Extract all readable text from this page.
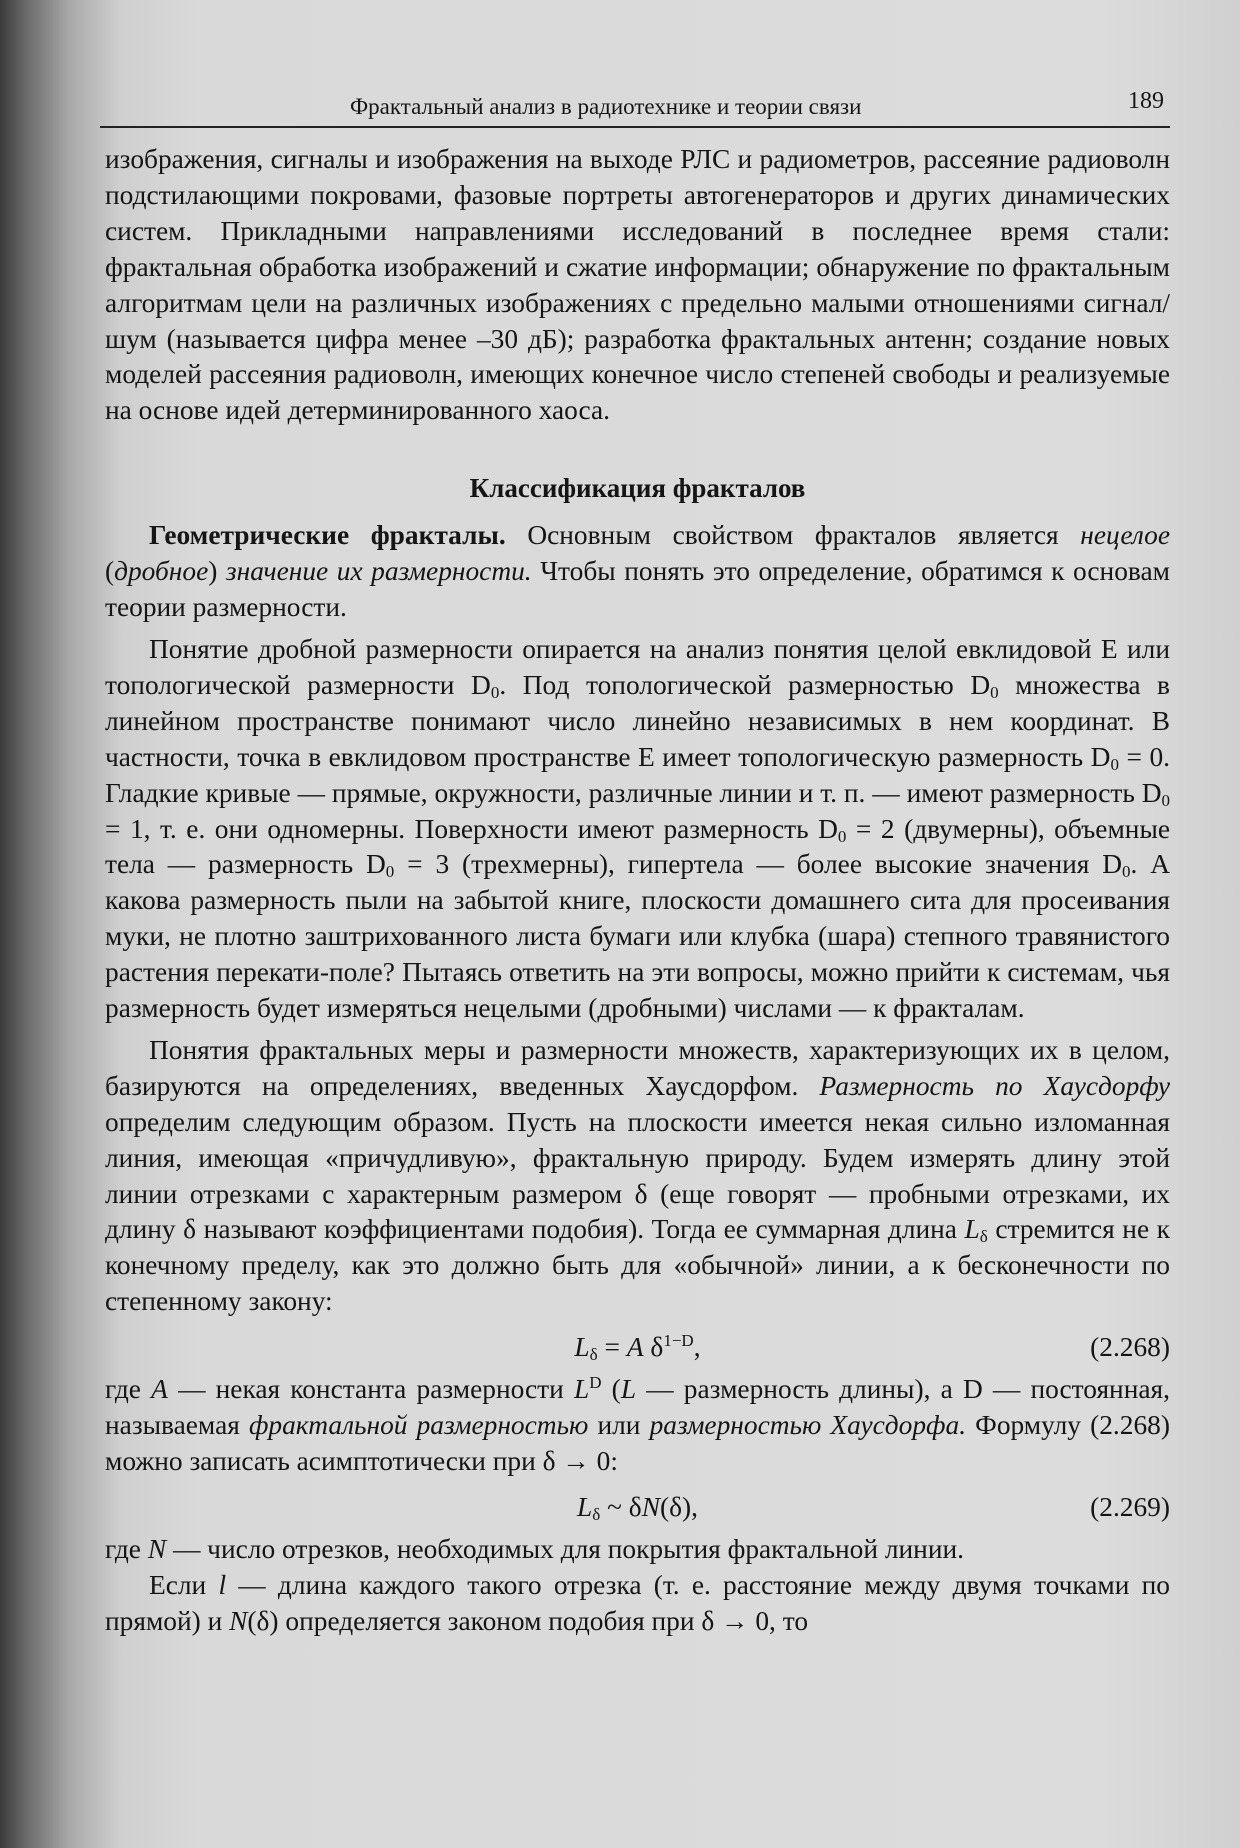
Фрактальный анализ в радиотехнике и теории связи	189

изображения, сигналы и изображения на выходе РЛС и радиометров, рассеяние радиоволн подстилающими покровами, фазовые портреты автогенераторов и других динамических систем. Прикладными направлениями исследований в последнее время стали: фрактальная обработка изображений и сжатие информации; обнаружение по фрактальным алгоритмам цели на различных изображениях с предельно малыми отношениями сигнал/шум (называется цифра менее –30 дБ); разработка фрактальных антенн; создание новых моделей рассеяния радиоволн, имеющих конечное число степеней свободы и реализуемые на основе идей детерминированного хаоса.

Классификация фракталов

Геометрические фракталы. Основным свойством фракталов является нецелое (дробное) значение их размерности. Чтобы понять это определение, обратимся к основам теории размерности.

Понятие дробной размерности опирается на анализ понятия целой евклидовой Е или топологической размерности $D_0$. Под топологической размерностью $D_0$ множества в линейном пространстве понимают число линейно независимых в нем координат. В частности, точка в евклидовом пространстве Е имеет топологическую размерность $D_0 = 0$. Гладкие кривые — прямые, окружности, различные линии и т. п. — имеют размерность $D_0 = 1$, т. е. они одномерны. Поверхности имеют размерность $D_0 = 2$ (двумерны), объемные тела — размерность $D_0 = 3$ (трехмерны), гипертела — более высокие значения $D_0$. А какова размерность пыли на забытой книге, плоскости домашнего сита для просеивания муки, не плотно заштрихованного листа бумаги или клубка (шара) степного травянистого растения перекати-поле? Пытаясь ответить на эти вопросы, можно прийти к системам, чья размерность будет измеряться нецелыми (дробными) числами — к фракталам.

Понятия фрактальных меры и размерности множеств, характеризующих их в целом, базируются на определениях, введенных Хаусдорфом. Размерность по Хаусдорфу определим следующим образом. Пусть на плоскости имеется некая сильно изломанная линия, имеющая «причудливую», фрактальную природу. Будем измерять длину этой линии отрезками с характерным размером δ (еще говорят — пробными отрезками, их длину δ называют коэффициентами подобия). Тогда ее суммарная длина $L_\delta$ стремится не к конечному пределу, как это должно быть для «обычной» линии, а к бесконечности по степенному закону:

$L_\delta = A$ $\delta^{1-D}$,	(2.268)

где A — некая константа размерности $L^D$ (L — размерность длины), а D — постоянная, называемая фрактальной размерностью или размерностью Хаусдорфа. Формулу (2.268) можно записать асимптотически при δ → 0:

$L_\delta$ ~ δN(δ),	(2.269)

где N — число отрезков, необходимых для покрытия фрактальной линии.

Если l — длина каждого такого отрезка (т. е. расстояние между двумя точками по прямой) и N(δ) определяется законом подобия при δ → 0, то
